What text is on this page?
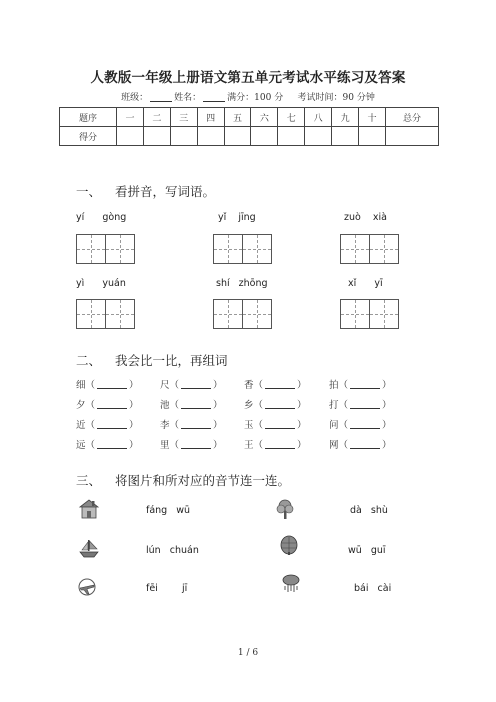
人教版一年级上册语文第五单元考试水平练习及答案
班级：	姓名：	满分：100 分 考试时间：90 分钟
题序	一	二	三	四	五	六	七	八	九	十	总分
得分											
一、 看拼音，写词语。
yí      gòng	yǐ    jīng	zuò    xià
yì      yuán	shí   zhōng	xǐ      yī
二、 我会比一比，再组词
细（	） 尺（	） 香（	） 拍（	）
夕（	） 池（	） 乡（	） 打（	）
近（	） 李（	） 玉（	） 问（	）
远（	） 里（	） 王（	） 网（	）
三、 将图片和所对应的音节连一连。
fáng   wū
lún   chuán
fēi        jī
dà   shù
wū   guī
bái   cài
1 / 6
